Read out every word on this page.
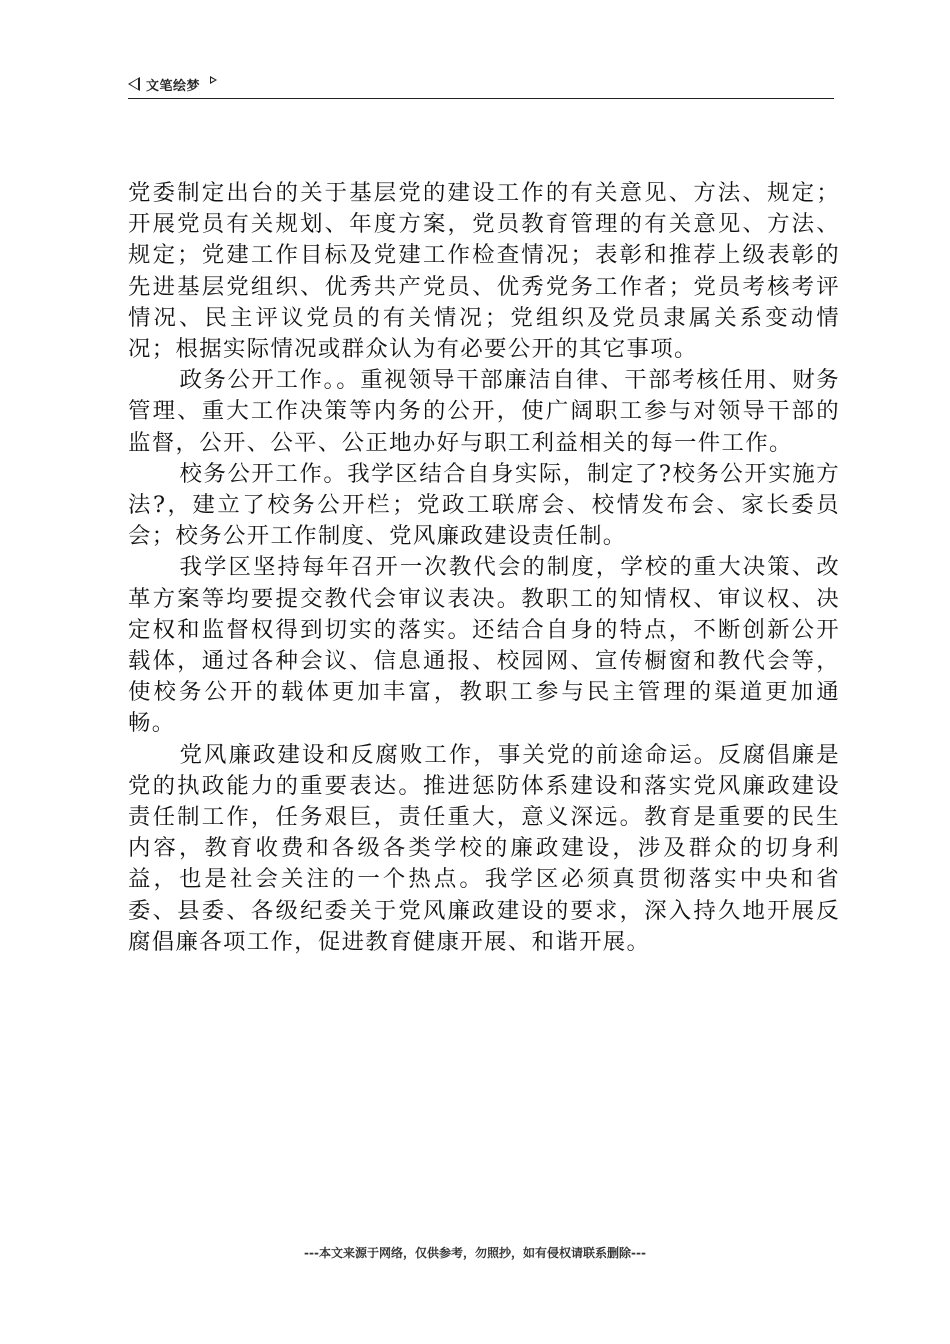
文笔绘梦

党委制定出台的关于基层党的建设工作的有关意见、方法、规定；开展党员有关规划、年度方案，党员教育管理的有关意见、方法、规定；党建工作目标及党建工作检查情况；表彰和推荐上级表彰的先进基层党组织、优秀共产党员、优秀党务工作者；党员考核考评情况、民主评议党员的有关情况；党组织及党员隶属关系变动情况；根据实际情况或群众认为有必要公开的其它事项。

政务公开工作。。重视领导干部廉洁自律、干部考核任用、财务管理、重大工作决策等内务的公开，使广阔职工参与对领导干部的监督，公开、公平、公正地办好与职工利益相关的每一件工作。

校务公开工作。我学区结合自身实际，制定了?校务公开实施方法?，建立了校务公开栏；党政工联席会、校情发布会、家长委员会；校务公开工作制度、党风廉政建设责任制。

我学区坚持每年召开一次教代会的制度，学校的重大决策、改革方案等均要提交教代会审议表决。教职工的知情权、审议权、决定权和监督权得到切实的落实。还结合自身的特点，不断创新公开载体，通过各种会议、信息通报、校园网、宣传橱窗和教代会等，使校务公开的载体更加丰富，教职工参与民主管理的渠道更加通畅。

党风廉政建设和反腐败工作，事关党的前途命运。反腐倡廉是党的执政能力的重要表达。推进惩防体系建设和落实党风廉政建设责任制工作，任务艰巨，责任重大，意义深远。教育是重要的民生内容，教育收费和各级各类学校的廉政建设，涉及群众的切身利益，也是社会关注的一个热点。我学区必须真贯彻落实中央和省委、县委、各级纪委关于党风廉政建设的要求，深入持久地开展反腐倡廉各项工作，促进教育健康开展、和谐开展。

---本文来源于网络，仅供参考，勿照抄，如有侵权请联系删除---
